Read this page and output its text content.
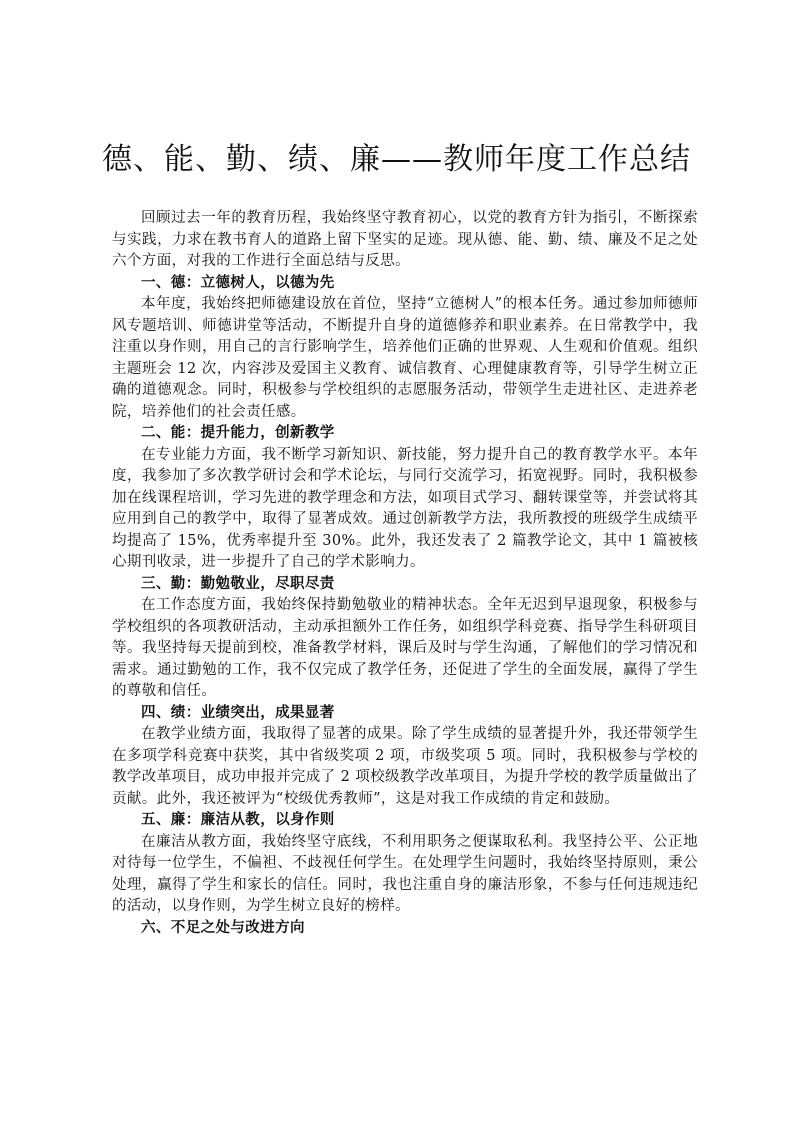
德、能、勤、绩、廉——教师年度工作总结

回顾过去一年的教育历程，我始终坚守教育初心，以党的教育方针为指引，不断探索与实践，力求在教书育人的道路上留下坚实的足迹。现从德、能、勤、绩、廉及不足之处六个方面，对我的工作进行全面总结与反思。

一、德：立德树人，以德为先

本年度，我始终把师德建设放在首位，坚持“立德树人”的根本任务。通过参加师德师风专题培训、师德讲堂等活动，不断提升自身的道德修养和职业素养。在日常教学中，我注重以身作则，用自己的言行影响学生，培养他们正确的世界观、人生观和价值观。组织主题班会 12 次，内容涉及爱国主义教育、诚信教育、心理健康教育等，引导学生树立正确的道德观念。同时，积极参与学校组织的志愿服务活动，带领学生走进社区、走进养老院，培养他们的社会责任感。

二、能：提升能力，创新教学

在专业能力方面，我不断学习新知识、新技能，努力提升自己的教育教学水平。本年度，我参加了多次教学研讨会和学术论坛，与同行交流学习，拓宽视野。同时，我积极参加在线课程培训，学习先进的教学理念和方法，如项目式学习、翻转课堂等，并尝试将其应用到自己的教学中，取得了显著成效。通过创新教学方法，我所教授的班级学生成绩平均提高了 15%，优秀率提升至 30%。此外，我还发表了 2 篇教学论文，其中 1 篇被核心期刊收录，进一步提升了自己的学术影响力。

三、勤：勤勉敬业，尽职尽责

在工作态度方面，我始终保持勤勉敬业的精神状态。全年无迟到早退现象，积极参与学校组织的各项教研活动，主动承担额外工作任务，如组织学科竞赛、指导学生科研项目等。我坚持每天提前到校，准备教学材料，课后及时与学生沟通，了解他们的学习情况和需求。通过勤勉的工作，我不仅完成了教学任务，还促进了学生的全面发展，赢得了学生的尊敬和信任。

四、绩：业绩突出，成果显著

在教学业绩方面，我取得了显著的成果。除了学生成绩的显著提升外，我还带领学生在多项学科竞赛中获奖，其中省级奖项 2 项，市级奖项 5 项。同时，我积极参与学校的教学改革项目，成功申报并完成了 2 项校级教学改革项目，为提升学校的教学质量做出了贡献。此外，我还被评为“校级优秀教师”，这是对我工作成绩的肯定和鼓励。

五、廉：廉洁从教，以身作则

在廉洁从教方面，我始终坚守底线，不利用职务之便谋取私利。我坚持公平、公正地对待每一位学生，不偏袒、不歧视任何学生。在处理学生问题时，我始终坚持原则，秉公处理，赢得了学生和家长的信任。同时，我也注重自身的廉洁形象，不参与任何违规违纪的活动，以身作则，为学生树立良好的榜样。

六、不足之处与改进方向
